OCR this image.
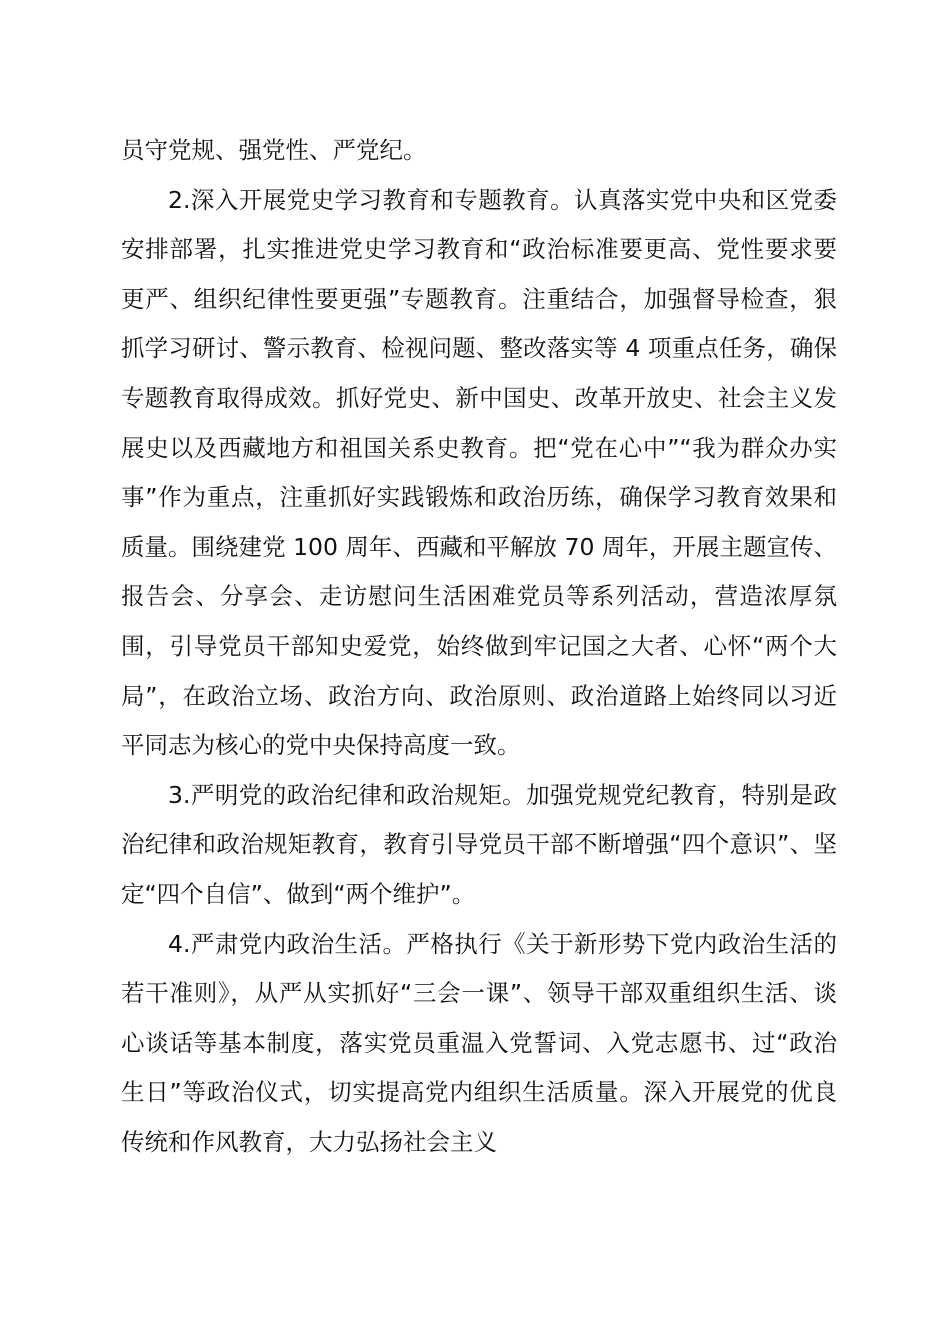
员守党规、强党性、严党纪。

2.深入开展党史学习教育和专题教育。认真落实党中央和区党委安排部署，扎实推进党史学习教育和“政治标准要更高、党性要求要更严、组织纪律性要更强”专题教育。注重结合，加强督导检查，狠抓学习研讨、警示教育、检视问题、整改落实等 4 项重点任务，确保专题教育取得成效。抓好党史、新中国史、改革开放史、社会主义发展史以及西藏地方和祖国关系史教育。把“党在心中”“我为群众办实事”作为重点，注重抓好实践锻炼和政治历练，确保学习教育效果和质量。围绕建党 100 周年、西藏和平解放 70 周年，开展主题宣传、报告会、分享会、走访慰问生活困难党员等系列活动，营造浓厚氛围，引导党员干部知史爱党，始终做到牢记国之大者、心怀“两个大局”，在政治立场、政治方向、政治原则、政治道路上始终同以习近平同志为核心的党中央保持高度一致。

3.严明党的政治纪律和政治规矩。加强党规党纪教育，特别是政治纪律和政治规矩教育，教育引导党员干部不断增强“四个意识”、坚定“四个自信”、做到“两个维护”。

4.严肃党内政治生活。严格执行《关于新形势下党内政治生活的若干准则》，从严从实抓好“三会一课”、领导干部双重组织生活、谈心谈话等基本制度，落实党员重温入党誓词、入党志愿书、过“政治生日”等政治仪式，切实提高党内组织生活质量。深入开展党的优良传统和作风教育，大力弘扬社会主义
